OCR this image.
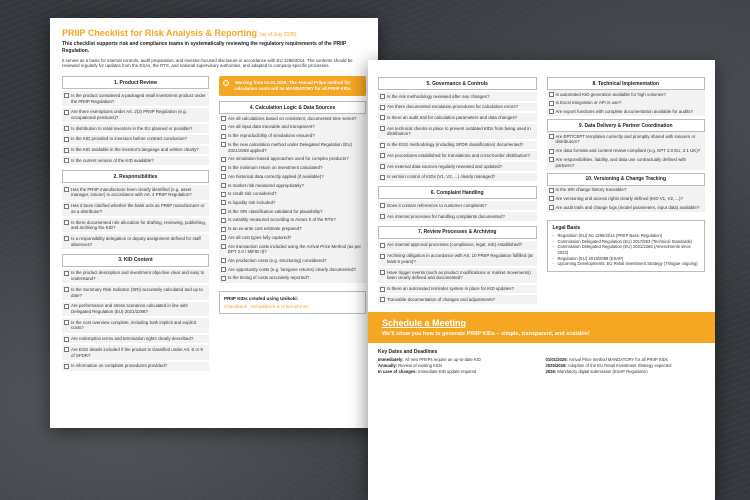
PRIIP Checklist for Risk Analysis & Reporting (as of July 2025)
This checklist supports risk and compliance teams in systematically reviewing the regulatory requirements of the PRIIP Regulation.
It serves as a basis for internal controls, audit preparation, and investor-focused disclosure in accordance with EU 1286/2014. The contents should be reviewed regularly for updates from the ESAs, the RTS, and national supervisory authorities, and adapted to company-specific processes.
1. Product Review
Is the product considered a packaged retail investment product under the PRIIP Regulation?
Are there exemptions under Art. 2(2) PRIIP Regulation (e.g. occupational pensions)?
Is distribution to retail investors in the EU planned or possible?
Is the KID provided to investors before contract conclusion?
Is the KID available in the investor's language and written clearly?
Is the current version of the KID available?
2. Responsibilities
Has the PRIIP manufacturer been clearly identified (e.g. asset manager, insurer) in accordance with Art. 4 PRIIP Regulation?
Has it been clarified whether the bank acts as PRIIP manufacturer or as a distributor?
Is there documented role allocation for drafting, reviewing, publishing, and archiving the KID?
Is a responsibility delegation or deputy assignment defined for staff absences?
3. KID Content
Is the product description and investment objective clear and easy to understand?
Is the Summary Risk Indicator (SRI) accurately calculated and up to date?
Are performance and stress scenarios calculated in line with Delegated Regulation (EU) 2021/2268?
Is the cost overview complete, including both implicit and explicit costs?
Are redemption terms and termination rights clearly described?
Are ESG details included if the product is classified under Art. 8 or 9 of SFDR?
Is information on complaint procedures provided?
!	Warning from 01.01.2025: The Annual Priips method for calculation costs will be MANDATORY for all PRIIP KIDs
4. Calculation Logic & Data Sources
Are all calculations based on consistent, documented time series?
Are all input data traceable and transparent?
Is the reproducibility of simulations ensured?
Is the new calculation method under Delegated Regulation (EU) 2021/2268 applied?
Are simulation-based approaches used for complex products?
Is the minimum return on investment calculated?
Are historical data correctly applied (if available)?
Is market risk measured appropriately?
Is credit risk considered?
Is liquidity risk included?
Is the SRI classification validated for plausibility?
Is volatility measured according to Annex II of the RTS?
Is an ex-ante cost estimate prepared?
Are all cost types fully captured?
Are transaction costs included using the Arrival Price Method (as per EPT 2.0 / MiFID II)?
Are production costs (e.g. structuring) considered?
Are opportunity costs (e.g. foregone returns) clearly documented?
Is the timing of costs accurately reported?
PRIIP KIDs created using Unikoki:
Checkbank Schwäbisch & Unternehmen
5. Governance & Controls
Is the risk methodology reviewed after any changes?
Are there documented escalation procedures for calculation errors?
Is there an audit trail for calculation parameters and data changes?
Are technical checks in place to prevent outdated KIDs from being used in distribution?
Is the ESG methodology (including SFDR classification) documented?
Are procedures established for translations and cross-border distribution?
Are external data sources regularly reviewed and updated?
Is version control of KIDs (V1, V2, ...) clearly managed?
6. Complaint Handling
Does it contain references to customer complaints?
Are internal processes for handling complaints documented?
7. Review Processes & Archiving
Are internal approval processes (compliance, legal, risk) established?
Archiving obligation in accordance with Art. 10 PRIIP Regulation fulfilled (at least 5 years)?
Have trigger events (such as product modifications or market movements) been clearly defined and documented?
Is there an automated reminder system in place for KID updates?
Traceable documentation of changes and adjustments?
8. Technical Implementation
Is automated KID generation available for high volumes?
Is Excel integration or API in use?
Are export functions with complete documentation available for audits?
9. Data Delivery & Partner Coordination
Are EPT/CEPT templates correctly and promptly shared with insurers or distributors?
Are data formats and content review compliant (e.g. EPT 2.0 EU, 2.1 UK)?
Are responsibilities, liability, and data use contractually defined with partners?
10. Versioning & Change Tracking
Is the SRI change history traceable?
Are versioning and access rights clearly defined (KID V1, V2, ...)?
Are audit trails and change logs (model parameters, input data) available?
Legal Basis
• Regulation (EU) No 1286/2014 (PRIIP Basic Regulation)
• Commission Delegated Regulation (EU) 2017/653 (Technical Standards)
• Commission Delegated Regulation (EU) 2021/2268 (Amendments since 2023)
• Regulation (EU) 2019/2088 (ESAP)
• Upcoming Developments: EU Retail Investment Strategy (Trilogue ongoing)
Schedule a Meeting
We'll show you how to generate PRIIP KIDs – simple, transparent, and scalable!
Key Dates and Deadlines
Immediately: All new PRIIPs require an up-to-date KID
Annually: Review of existing KIDs
In case of changes: Immediate KID update required
01/01/2025: Arrival Price method MANDATORY for all PRIIP KIDs
2025/2026: Adoption of the EU Retail Investment Strategy expected
2026: Mandatory digital submission (ESAP Regulation)
